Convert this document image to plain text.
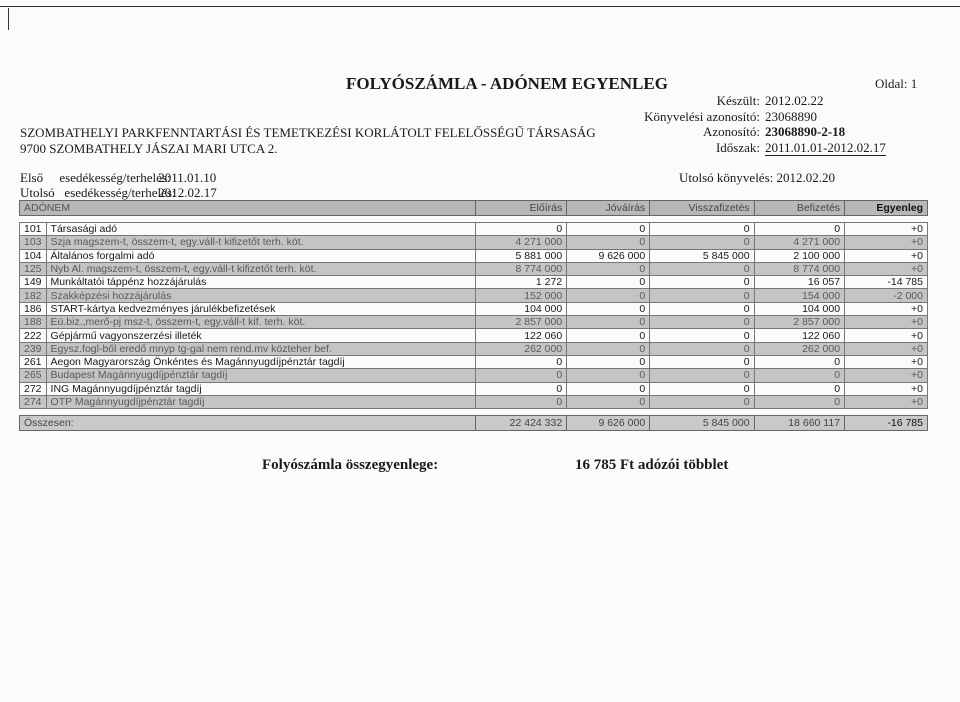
FOLYÓSZÁMLA - ADÓNEM EGYENLEG	Oldal: 1
Készült: 2012.02.22
Könyvelési azonosító: 23068890
Azonosító: 23068890-2-18
Időszak: 2011.01.01-2012.02.17
SZOMBATHELYI PARKFENNTARTÁSI ÉS TEMETKEZÉSI KORLÁTOLT FELELŐSSÉGŰ TÁRSASÁG
9700 SZOMBATHELY JÁSZAI MARI UTCA 2.
Első     esedékesség/terhelés: 2011.01.10
Utolsó   esedékesség/terhelés: 2012.02.17
Utolsó könyvelés: 2012.02.20
ADÓNEM		Előírás	Jóváírás	Visszafizetés	Befizetés	Egyenleg

101	Társasági adó	0	0	0	0	+0
103	Szja magszem-t, összem-t, egy.váll-t kifizetőt terh. köt.	4 271 000	0	0	4 271 000	+0
104	Általános forgalmi adó	5 881 000	9 626 000	5 845 000	2 100 000	+0
125	Nyb Al. magszem-t, összem-t, egy.váll-t kifizetőt terh. köt.	8 774 000	0	0	8 774 000	+0
149	Munkáltatói táppénz hozzájárulás	1 272	0	0	16 057	-14 785
182	Szakképzési hozzájárulás	152 000	0	0	154 000	-2 000
186	START-kártya kedvezményes járulékbefizetések	104 000	0	0	104 000	+0
188	Eü.biz.,merő-pj msz-t, összem-t, egy.váll-t kif. terh. köt.	2 857 000	0	0	2 857 000	+0
222	Gépjármű vagyonszerzési illeték	122 060	0	0	122 060	+0
239	Egysz.fogl-ből eredő mnyp tg-gal nem rend.mv közteher bef.	262 000	0	0	262 000	+0
261	Aegon Magyarország Önkéntes és Magánnyugdíjpénztár tagdíj	0	0	0	0	+0
265	Budapest Magánnyugdíjpénztár tagdíj	0	0	0	0	+0
272	ING Magánnyugdíjpénztár tagdíj	0	0	0	0	+0
274	OTP Magánnyugdíjpénztár tagdíj	0	0	0	0	+0

Összesen:		22 424 332	9 626 000	5 845 000	18 660 117	-16 785
Folyószámla összegyenlege:	16 785 Ft adózói többlet
